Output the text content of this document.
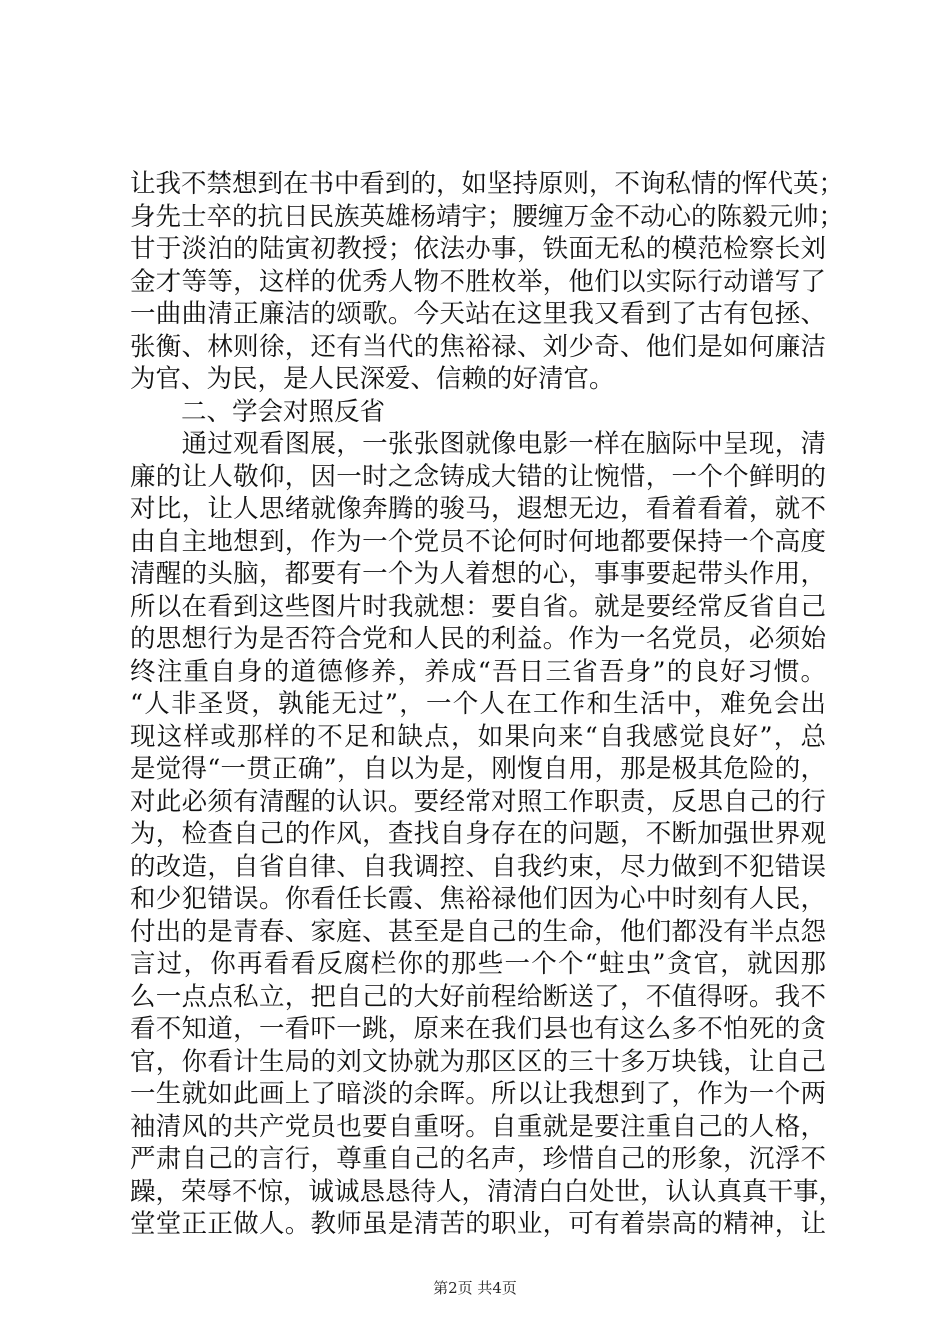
让我不禁想到在书中看到的，如坚持原则，不询私情的恽代英；
身先士卒的抗日民族英雄杨靖宇；腰缠万金不动心的陈毅元帅；
甘于淡泊的陆寅初教授；依法办事，铁面无私的模范检察长刘
金才等等，这样的优秀人物不胜枚举，他们以实际行动谱写了
一曲曲清正廉洁的颂歌。今天站在这里我又看到了古有包拯、
张衡、林则徐，还有当代的焦裕禄、刘少奇、他们是如何廉洁
为官、为民，是人民深爱、信赖的好清官。
　　二、学会对照反省
　　通过观看图展，一张张图就像电影一样在脑际中呈现，清
廉的让人敬仰，因一时之念铸成大错的让惋惜，一个个鲜明的
对比，让人思绪就像奔腾的骏马，遐想无边，看着看着，就不
由自主地想到，作为一个党员不论何时何地都要保持一个高度
清醒的头脑，都要有一个为人着想的心，事事要起带头作用，
所以在看到这些图片时我就想：要自省。就是要经常反省自己
的思想行为是否符合党和人民的利益。作为一名党员，必须始
终注重自身的道德修养，养成“吾日三省吾身”的良好习惯。
“人非圣贤，孰能无过”，一个人在工作和生活中，难免会出
现这样或那样的不足和缺点，如果向来“自我感觉良好”，总
是觉得“一贯正确”，自以为是，刚愎自用，那是极其危险的，
对此必须有清醒的认识。要经常对照工作职责，反思自己的行
为，检查自己的作风，查找自身存在的问题，不断加强世界观
的改造，自省自律、自我调控、自我约束，尽力做到不犯错误
和少犯错误。你看任长霞、焦裕禄他们因为心中时刻有人民，
付出的是青春、家庭、甚至是自己的生命，他们都没有半点怨
言过，你再看看反腐栏你的那些一个个“蛀虫”贪官，就因那
么一点点私立，把自己的大好前程给断送了，不值得呀。我不
看不知道，一看吓一跳，原来在我们县也有这么多不怕死的贪
官，你看计生局的刘文协就为那区区的三十多万块钱，让自己
一生就如此画上了暗淡的余晖。所以让我想到了，作为一个两
袖清风的共产党员也要自重呀。自重就是要注重自己的人格，
严肃自己的言行，尊重自己的名声，珍惜自己的形象，沉浮不
躁，荣辱不惊，诚诚恳恳待人，清清白白处世，认认真真干事，
堂堂正正做人。教师虽是清苦的职业，可有着崇高的精神，让
第2页 共4页
